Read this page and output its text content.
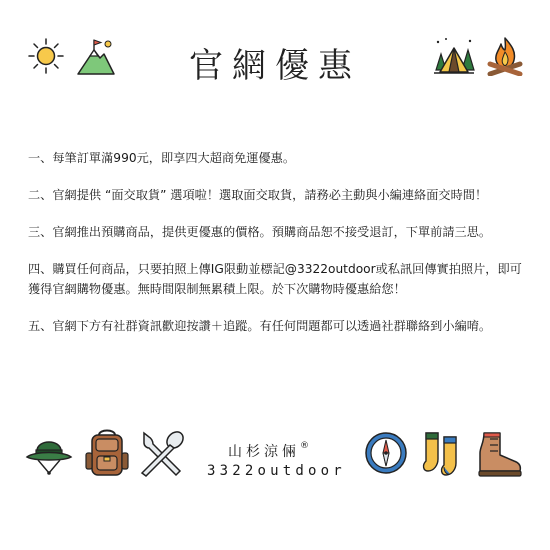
官網優惠

一、每筆訂單滿990元，即享四大超商免運優惠。

二、官網提供 “面交取貨” 選項啦！選取面交取貨，請務必主動與小編連絡面交時間！

三、官網推出預購商品，提供更優惠的價格。預購商品恕不接受退訂，下單前請三思。

四、購買任何商品，只要拍照上傳IG限動並標記@3322outdoor或私訊回傳實拍照片，即可獲得官網購物優惠。無時間限制無累積上限。於下次購物時優惠給您！

五、官網下方有社群資訊歡迎按讚＋追蹤。有任何問題都可以透過社群聯絡到小編唷。

山杉涼倆®
3322outdoor
